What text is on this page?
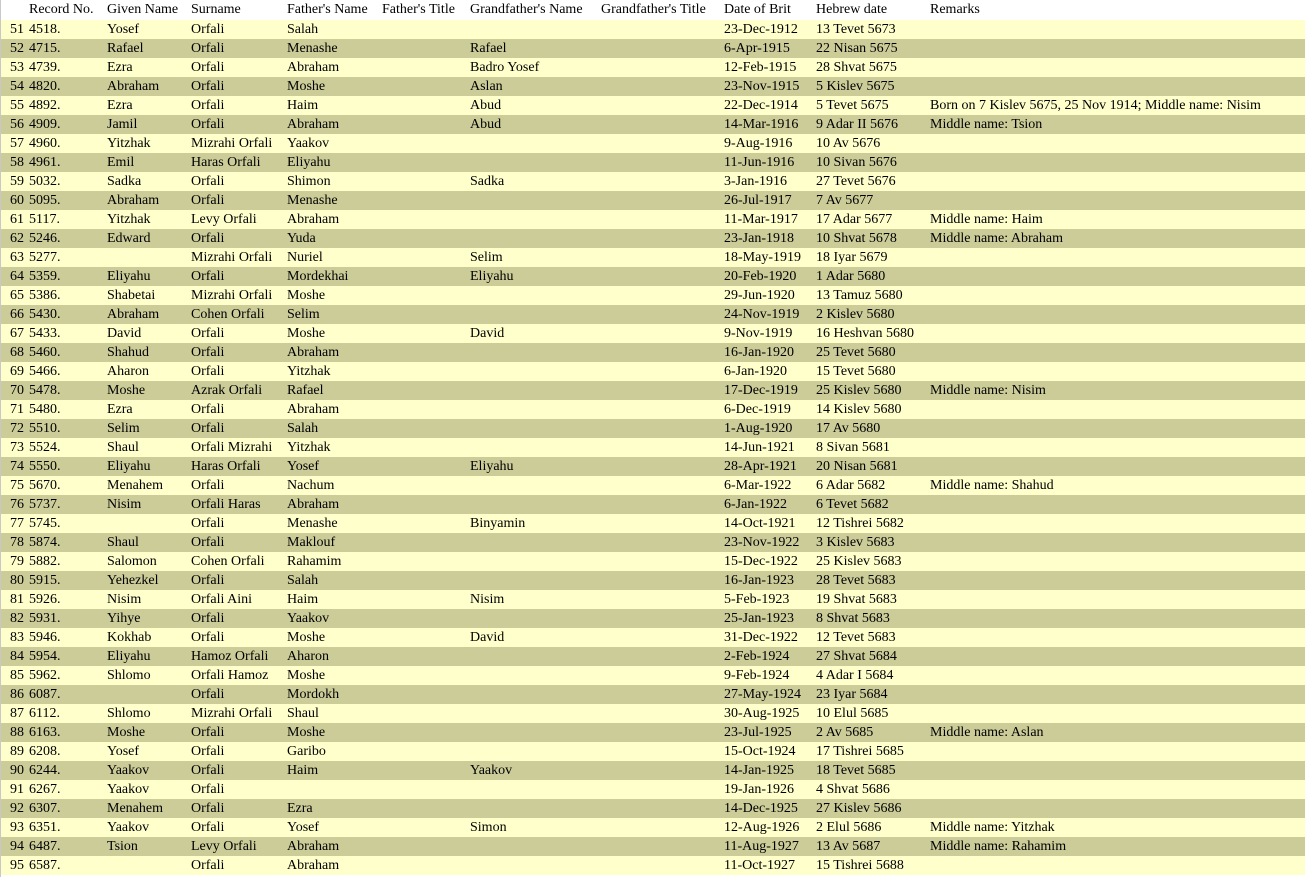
	Record No.	Given Name	Surname	Father's Name	Father's Title	Grandfather's Name	Grandfather's Title	Date of Brit	Hebrew date	Remarks
51	4518.	Yosef	Orfali	Salah				23-Dec-1912	13 Tevet 5673	
52	4715.	Rafael	Orfali	Menashe		Rafael		6-Apr-1915	22 Nisan 5675	
53	4739.	Ezra	Orfali	Abraham		Badro Yosef		12-Feb-1915	28 Shvat 5675	
54	4820.	Abraham	Orfali	Moshe		Aslan		23-Nov-1915	5 Kislev 5675	
55	4892.	Ezra	Orfali	Haim		Abud		22-Dec-1914	5 Tevet 5675	Born on 7 Kislev 5675, 25 Nov 1914; Middle name: Nisim
56	4909.	Jamil	Orfali	Abraham		Abud		14-Mar-1916	9 Adar II 5676	Middle name: Tsion
57	4960.	Yitzhak	Mizrahi Orfali	Yaakov				9-Aug-1916	10 Av 5676	
58	4961.	Emil	Haras Orfali	Eliyahu				11-Jun-1916	10 Sivan 5676	
59	5032.	Sadka	Orfali	Shimon		Sadka		3-Jan-1916	27 Tevet 5676	
60	5095.	Abraham	Orfali	Menashe				26-Jul-1917	7 Av 5677	
61	5117.	Yitzhak	Levy Orfali	Abraham				11-Mar-1917	17 Adar 5677	Middle name: Haim
62	5246.	Edward	Orfali	Yuda				23-Jan-1918	10 Shvat 5678	Middle name: Abraham
63	5277.		Mizrahi Orfali	Nuriel		Selim		18-May-1919	18 Iyar 5679	
64	5359.	Eliyahu	Orfali	Mordekhai		Eliyahu		20-Feb-1920	1 Adar 5680	
65	5386.	Shabetai	Mizrahi Orfali	Moshe				29-Jun-1920	13 Tamuz 5680	
66	5430.	Abraham	Cohen Orfali	Selim				24-Nov-1919	2 Kislev 5680	
67	5433.	David	Orfali	Moshe		David		9-Nov-1919	16 Heshvan 5680	
68	5460.	Shahud	Orfali	Abraham				16-Jan-1920	25 Tevet 5680	
69	5466.	Aharon	Orfali	Yitzhak				6-Jan-1920	15 Tevet 5680	
70	5478.	Moshe	Azrak Orfali	Rafael				17-Dec-1919	25 Kislev 5680	Middle name: Nisim
71	5480.	Ezra	Orfali	Abraham				6-Dec-1919	14 Kislev 5680	
72	5510.	Selim	Orfali	Salah				1-Aug-1920	17 Av 5680	
73	5524.	Shaul	Orfali Mizrahi	Yitzhak				14-Jun-1921	8 Sivan 5681	
74	5550.	Eliyahu	Haras Orfali	Yosef		Eliyahu		28-Apr-1921	20 Nisan 5681	
75	5670.	Menahem	Orfali	Nachum				6-Mar-1922	6 Adar 5682	Middle name: Shahud
76	5737.	Nisim	Orfali Haras	Abraham				6-Jan-1922	6 Tevet 5682	
77	5745.		Orfali	Menashe		Binyamin		14-Oct-1921	12 Tishrei 5682	
78	5874.	Shaul	Orfali	Maklouf				23-Nov-1922	3 Kislev 5683	
79	5882.	Salomon	Cohen Orfali	Rahamim				15-Dec-1922	25 Kislev 5683	
80	5915.	Yehezkel	Orfali	Salah				16-Jan-1923	28 Tevet 5683	
81	5926.	Nisim	Orfali Aini	Haim		Nisim		5-Feb-1923	19 Shvat 5683	
82	5931.	Yihye	Orfali	Yaakov				25-Jan-1923	8 Shvat 5683	
83	5946.	Kokhab	Orfali	Moshe		David		31-Dec-1922	12 Tevet 5683	
84	5954.	Eliyahu	Hamoz Orfali	Aharon				2-Feb-1924	27 Shvat 5684	
85	5962.	Shlomo	Orfali Hamoz	Moshe				9-Feb-1924	4 Adar I 5684	
86	6087.		Orfali	Mordokh				27-May-1924	23 Iyar 5684	
87	6112.	Shlomo	Mizrahi Orfali	Shaul				30-Aug-1925	10 Elul 5685	
88	6163.	Moshe	Orfali	Moshe				23-Jul-1925	2 Av 5685	Middle name: Aslan
89	6208.	Yosef	Orfali	Garibo				15-Oct-1924	17 Tishrei 5685	
90	6244.	Yaakov	Orfali	Haim		Yaakov		14-Jan-1925	18 Tevet 5685	
91	6267.	Yaakov	Orfali					19-Jan-1926	4 Shvat 5686	
92	6307.	Menahem	Orfali	Ezra				14-Dec-1925	27 Kislev 5686	
93	6351.	Yaakov	Orfali	Yosef		Simon		12-Aug-1926	2 Elul 5686	Middle name: Yitzhak
94	6487.	Tsion	Levy Orfali	Abraham				11-Aug-1927	13 Av 5687	Middle name: Rahamim
95	6587.		Orfali	Abraham				11-Oct-1927	15 Tishrei 5688	
